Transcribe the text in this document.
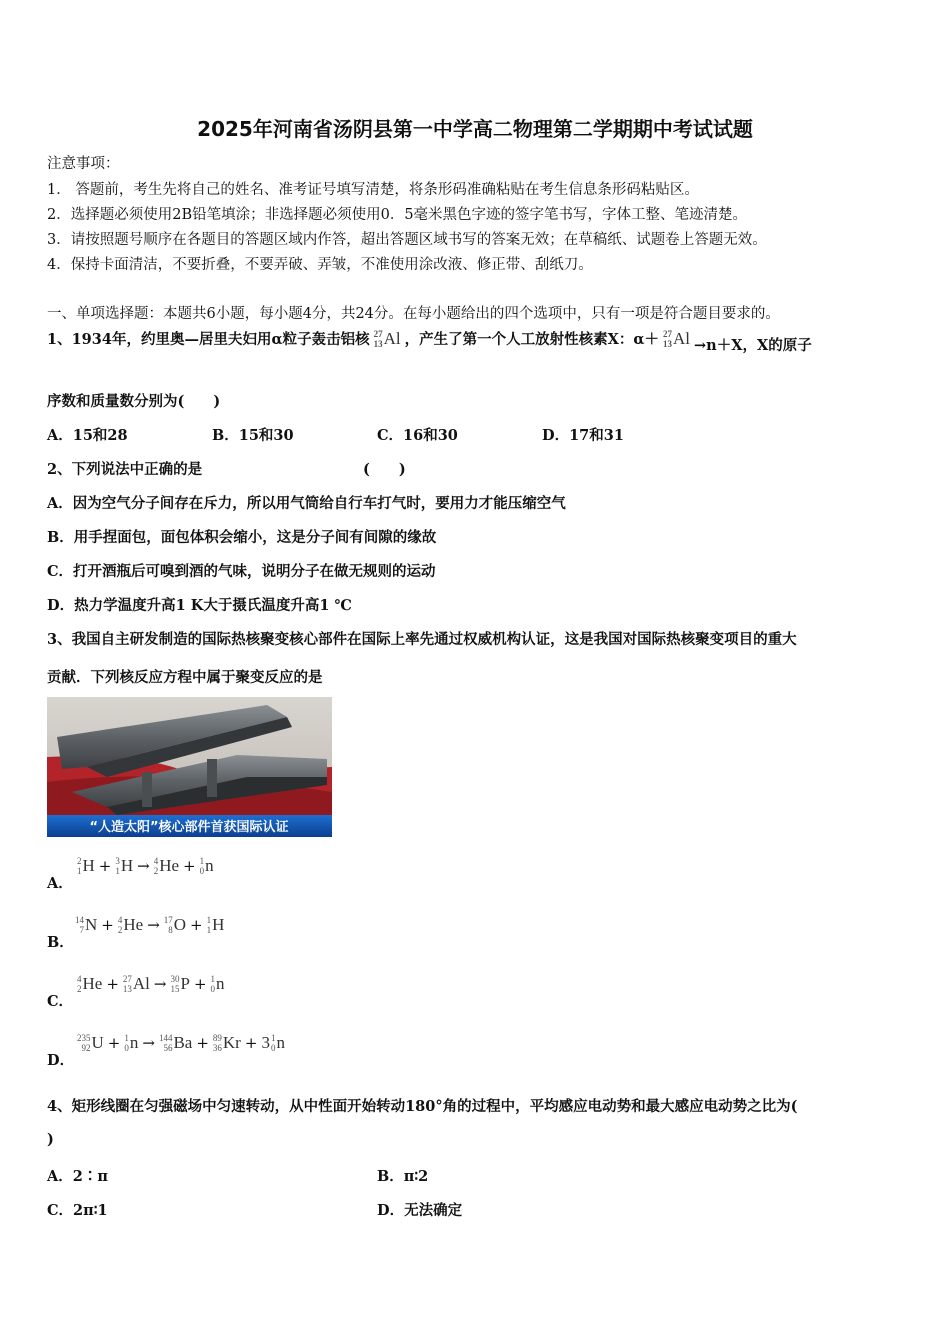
2025年河南省汤阴县第一中学高二物理第二学期期中考试试题
注意事项：
1． 答题前，考生先将自己的姓名、准考证号填写清楚，将条形码准确粘贴在考生信息条形码粘贴区。
2．选择题必须使用2B铅笔填涂；非选择题必须使用0．5毫米黑色字迹的签字笔书写，字体工整、笔迹清楚。
3．请按照题号顺序在各题目的答题区域内作答，超出答题区域书写的答案无效；在草稿纸、试题卷上答题无效。
4．保持卡面清洁，不要折叠，不要弄破、弄皱，不准使用涂改液、修正带、刮纸刀。
一、单项选择题：本题共6小题，每小题4分，共24分。在每小题给出的四个选项中，只有一项是符合题目要求的。
1、1934年，约里奥—居里夫妇用α粒子轰击铝核 27
13 Al ，产生了第一个人工放射性核素X：α＋ 27
13 Al →n＋X，X的原子
序数和质量数分别为(　　)
A．15和28	B．15和30	C．16和30	D．17和31
2、下列说法中正确的是	(　　)
A．因为空气分子间存在斥力，所以用气筒给自行车打气时，要用力才能压缩空气
B．用手捏面包，面包体积会缩小，这是分子间有间隙的缘故
C．打开酒瓶后可嗅到酒的气味，说明分子在做无规则的运动
D．热力学温度升高1 K大于摄氏温度升高1 ℃
3、我国自主研发制造的国际热核聚变核心部件在国际上率先通过权威机构认证，这是我国对国际热核聚变项目的重大
贡献．下列核反应方程中属于聚变反应的是
“人造太阳”核心部件首获国际认证
A．
2
1 H + 3
1 H → 4
2 He + 1
0 n
B．
14
7 N + 4
2 He → 17
8 O + 1
1 H
C．
4
2 He + 27
13 Al → 30
15 P + 1
0 n
D．
235
92 U + 1
0 n → 144
56 Ba + 89
36 Kr + 3 1
0 n
4、矩形线圈在匀强磁场中匀速转动，从中性面开始转动180°角的过程中，平均感应电动势和最大感应电动势之比为(
)
A．2∶π	B．π∶2
C．2π∶1	D．无法确定
